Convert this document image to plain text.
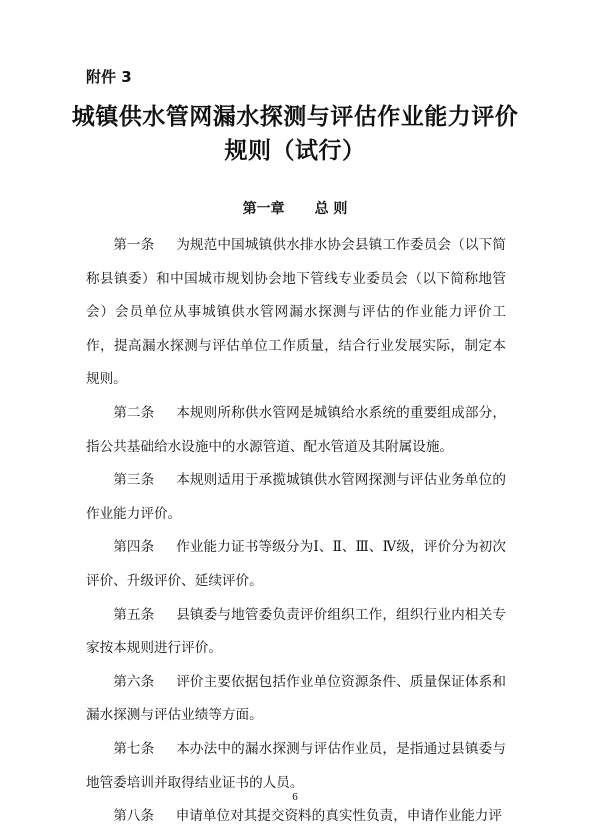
附件 3
城镇供水管网漏水探测与评估作业能力评价
规则（试行）
第一章 总 则

第一条 为规范中国城镇供水排水协会县镇工作委员会（以下简称县镇委）和中国城市规划协会地下管线专业委员会（以下简称地管会）会员单位从事城镇供水管网漏水探测与评估的作业能力评价工作，提高漏水探测与评估单位工作质量，结合行业发展实际，制定本规则。

第二条 本规则所称供水管网是城镇给水系统的重要组成部分，指公共基础给水设施中的水源管道、配水管道及其附属设施。

第三条 本规则适用于承揽城镇供水管网探测与评估业务单位的作业能力评价。

第四条 作业能力证书等级分为Ⅰ、Ⅱ、Ⅲ、Ⅳ级，评价分为初次评价、升级评价、延续评价。

第五条 县镇委与地管委负责评价组织工作，组织行业内相关专家按本规则进行评价。

第六条 评价主要依据包括作业单位资源条件、质量保证体系和漏水探测与评估业绩等方面。

第七条 本办法中的漏水探测与评估作业员，是指通过县镇委与地管委培训并取得结业证书的人员。

第八条 申请单位对其提交资料的真实性负责，申请作业能力评

6
